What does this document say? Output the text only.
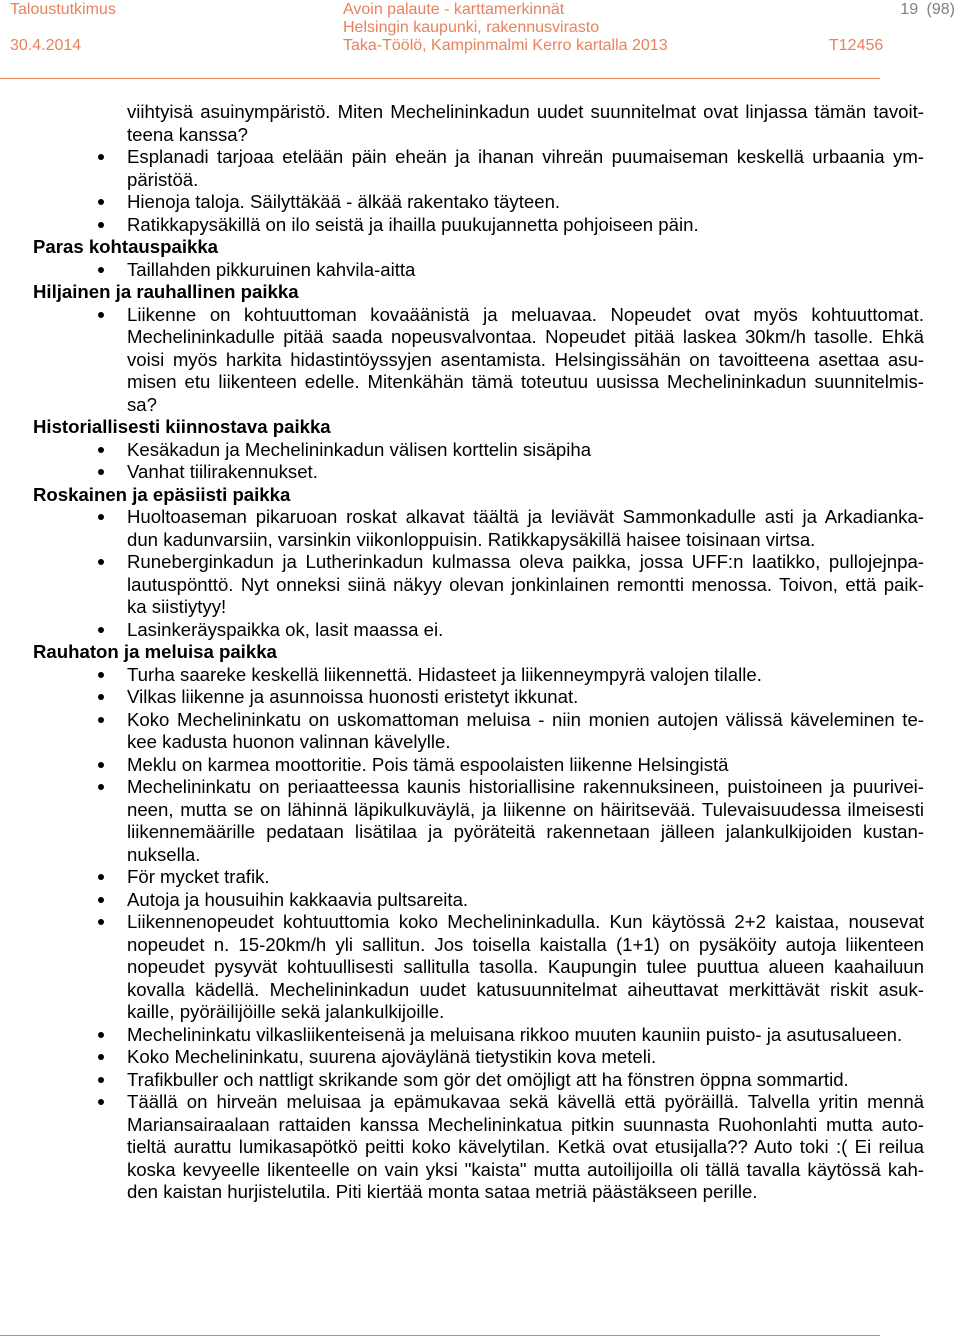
Taloustutkimus
30.4.2014
Avoin palaute - karttamerkinnät
Helsingin kaupunki, rakennusvirasto
Taka-Töölö, Kampinmalmi Kerro kartalla 2013
19 (98)
T12456
viihtyisä asuinympäristö. Miten Mechelininkadun uudet suunnitelmat ovat linjassa tämän tavoit-
teena kanssa?
Esplanadi tarjoaa etelään päin eheän ja ihanan vihreän puumaiseman keskellä urbaania ym-
päristöä.
Hienoja taloja. Säilyttäkää - älkää rakentako täyteen.
Ratikkapysäkillä on ilo seistä ja ihailla puukujannetta pohjoiseen päin.
Paras kohtauspaikka
Taillahden pikkuruinen kahvila-aitta
Hiljainen ja rauhallinen paikka
Liikenne on kohtuuttoman kovaäänistä ja meluavaa. Nopeudet ovat myös kohtuuttomat.
Mechelininkadulle pitää saada nopeusvalvontaa. Nopeudet pitää laskea 30km/h tasolle. Ehkä
voisi myös harkita hidastintöyssyjen asentamista. Helsingissähän on tavoitteena asettaa asu-
misen etu liikenteen edelle. Mitenkähän tämä toteutuu uusissa Mechelininkadun suunnitelmis-
sa?
Historiallisesti kiinnostava paikka
Kesäkadun ja Mechelininkadun välisen korttelin sisäpiha
Vanhat tiilirakennukset.
Roskainen ja epäsiisti paikka
Huoltoaseman pikaruoan roskat alkavat täältä ja leviävät Sammonkadulle asti ja Arkadianka-
dun kadunvarsiin, varsinkin viikonloppuisin. Ratikkapysäkillä haisee toisinaan virtsa.
Runeberginkadun ja Lutherinkadun kulmassa oleva paikka, jossa UFF:n laatikko, pullojejnpa-
lautuspönttö. Nyt onneksi siinä näkyy olevan jonkinlainen remontti menossa. Toivon, että paik-
ka siistiytyy!
Lasinkeräyspaikka ok, lasit maassa ei.
Rauhaton ja meluisa paikka
Turha saareke keskellä liikennettä. Hidasteet ja liikenneympyrä valojen tilalle.
Vilkas liikenne ja asunnoissa huonosti eristetyt ikkunat.
Koko Mechelininkatu on uskomattoman meluisa - niin monien autojen välissä käveleminen te-
kee kadusta huonon valinnan kävelylle.
Meklu on karmea moottoritie. Pois tämä espoolaisten liikenne Helsingistä
Mechelininkatu on periaatteessa kaunis historiallisine rakennuksineen, puistoineen ja puurivei-
neen, mutta se on lähinnä läpikulkuväylä, ja liikenne on häiritsevää. Tulevaisuudessa ilmeisesti
liikennemäärille pedataan lisätilaa ja pyöräteitä rakennetaan jälleen jalankulkijoiden kustan-
nuksella.
För mycket trafik.
Autoja ja housuihin kakkaavia pultsareita.
Liikennenopeudet kohtuuttomia koko Mechelininkadulla. Kun käytössä 2+2 kaistaa, nousevat
nopeudet n. 15-20km/h yli sallitun. Jos toisella kaistalla (1+1) on pysäköity autoja liikenteen
nopeudet pysyvät kohtuullisesti sallitulla tasolla. Kaupungin tulee puuttua alueen kaahailuun
kovalla kädellä. Mechelininkadun uudet katusuunnitelmat aiheuttavat merkittävät riskit asuk-
kaille, pyöräilijöille sekä jalankulkijoille.
Mechelininkatu vilkasliikenteisenä ja meluisana rikkoo muuten kauniin puisto- ja asutusalueen.
Koko Mechelininkatu, suurena ajoväylänä tietystikin kova meteli.
Trafikbuller och nattligt skrikande som gör det omöjligt att ha fönstren öppna sommartid.
Täällä on hirveän meluisaa ja epämukavaa sekä kävellä että pyöräillä. Talvella yritin mennä
Mariansairaalaan rattaiden kanssa Mechelininkatua pitkin suunnasta Ruohonlahti mutta auto-
tieltä aurattu lumikasapötkö peitti koko kävelytilan. Ketkä ovat etusijalla?? Auto toki :( Ei reilua
koska kevyeelle likenteelle on vain yksi "kaista" mutta autoilijoilla oli tällä tavalla käytössä kah-
den kaistan hurjistelutila. Piti kiertää monta sataa metriä päästäkseen perille.
